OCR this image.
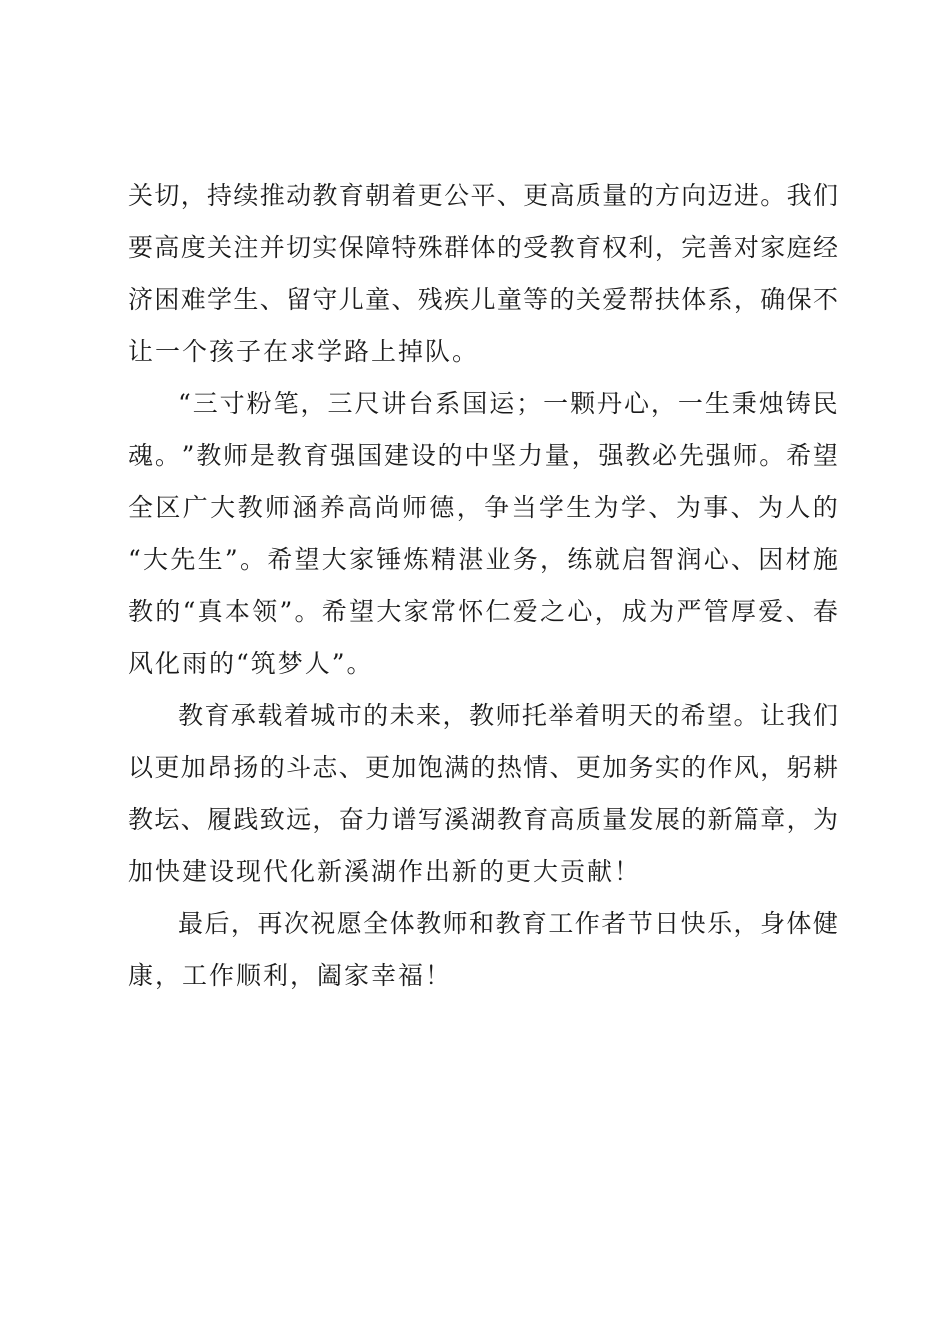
关 切 ， 持 续 推 动 教 育 朝 着 更 公 平 、 更 高 质 量 的 方 向 迈 进 。 我 们
要 高 度 关 注 并 切 实 保 障 特 殊 群 体 的 受 教 育 权 利 ， 完 善 对 家 庭 经
济 困 难 学 生 、 留 守 儿 童 、 残 疾 儿 童 等 的 关 爱 帮 扶 体 系 ， 确 保 不
让一个孩子在求学路上掉队。
“ 三 寸 粉 笔 ， 三 尺 讲 台 系 国 运 ； 一 颗 丹 心 ， 一 生 秉 烛 铸 民
魂 。 ” 教 师 是 教 育 强 国 建 设 的 中 坚 力 量 ， 强 教 必 先 强 师 。 希 望
全 区 广 大 教 师 涵 养 高 尚 师 德 ， 争 当 学 生 为 学 、 为 事 、 为 人 的
“ 大 先 生 ” 。 希 望 大 家 锤 炼 精 湛 业 务 ， 练 就 启 智 润 心 、 因 材 施
教 的 “ 真 本 领 ” 。 希 望 大 家 常 怀 仁 爱 之 心 ， 成 为 严 管 厚 爱 、 春
风化雨的“筑梦人”。
教 育 承 载 着 城 市 的 未 来 ， 教 师 托 举 着 明 天 的 希 望 。 让 我 们
以 更 加 昂 扬 的 斗 志 、 更 加 饱 满 的 热 情 、 更 加 务 实 的 作 风 ， 躬 耕
教 坛 、 履 践 致 远 ， 奋 力 谱 写 溪 湖 教 育 高 质 量 发 展 的 新 篇 章 ， 为
加快建设现代化新溪湖作出新的更大贡献！
最 后 ， 再 次 祝 愿 全 体 教 师 和 教 育 工 作 者 节 日 快 乐 ， 身 体 健
康，工作顺利，阖家幸福！
